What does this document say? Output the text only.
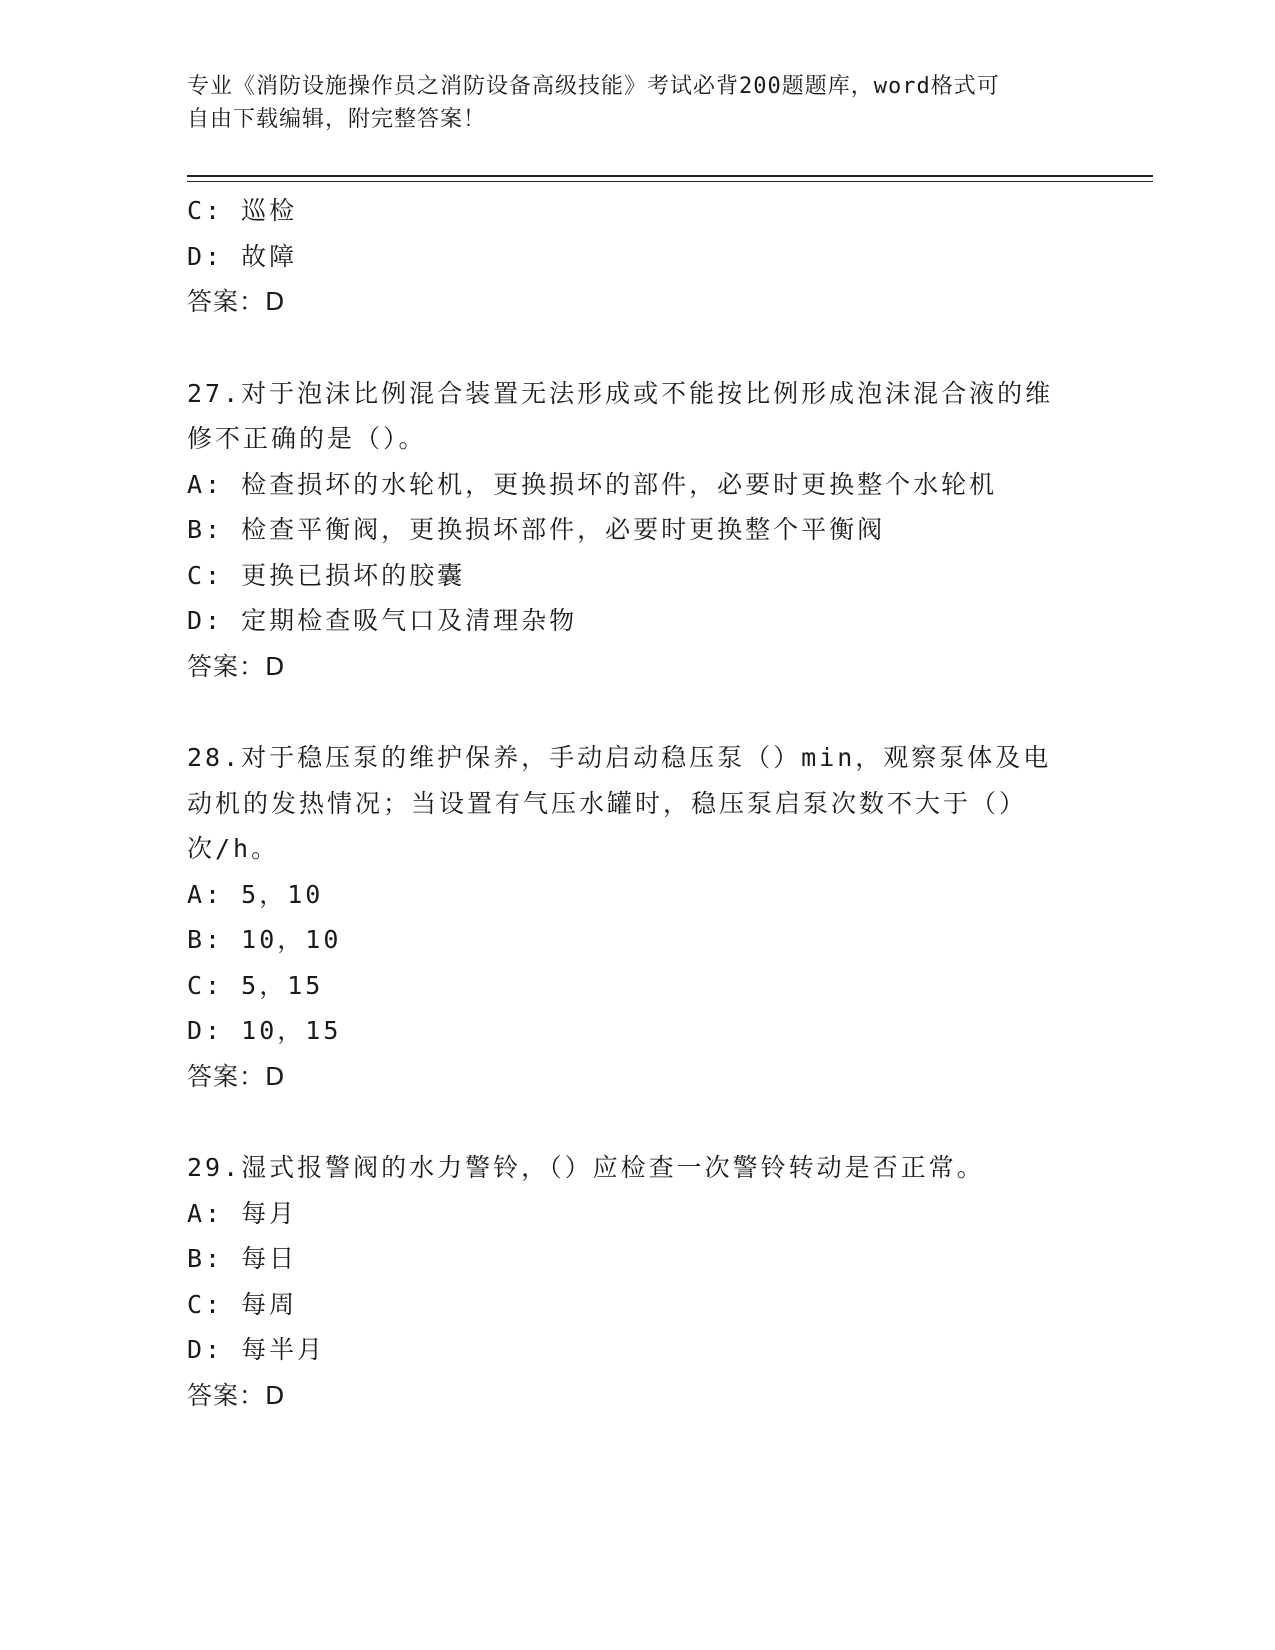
专业《消防设施操作员之消防设备高级技能》考试必背200题题库，word格式可
自由下载编辑，附完整答案！
C: 巡检
D: 故障
答案：D
27.对于泡沫比例混合装置无法形成或不能按比例形成泡沫混合液的维
修不正确的是（）。
A: 检查损坏的水轮机，更换损坏的部件，必要时更换整个水轮机
B: 检查平衡阀，更换损坏部件，必要时更换整个平衡阀
C: 更换已损坏的胶囊
D: 定期检查吸气口及清理杂物
答案：D
28.对于稳压泵的维护保养，手动启动稳压泵（）min，观察泵体及电
动机的发热情况；当设置有气压水罐时，稳压泵启泵次数不大于（）
次/h。
A: 5，10
B: 10，10
C: 5，15
D: 10，15
答案：D
29.湿式报警阀的水力警铃，（）应检查一次警铃转动是否正常。
A: 每月
B: 每日
C: 每周
D: 每半月
答案：D
